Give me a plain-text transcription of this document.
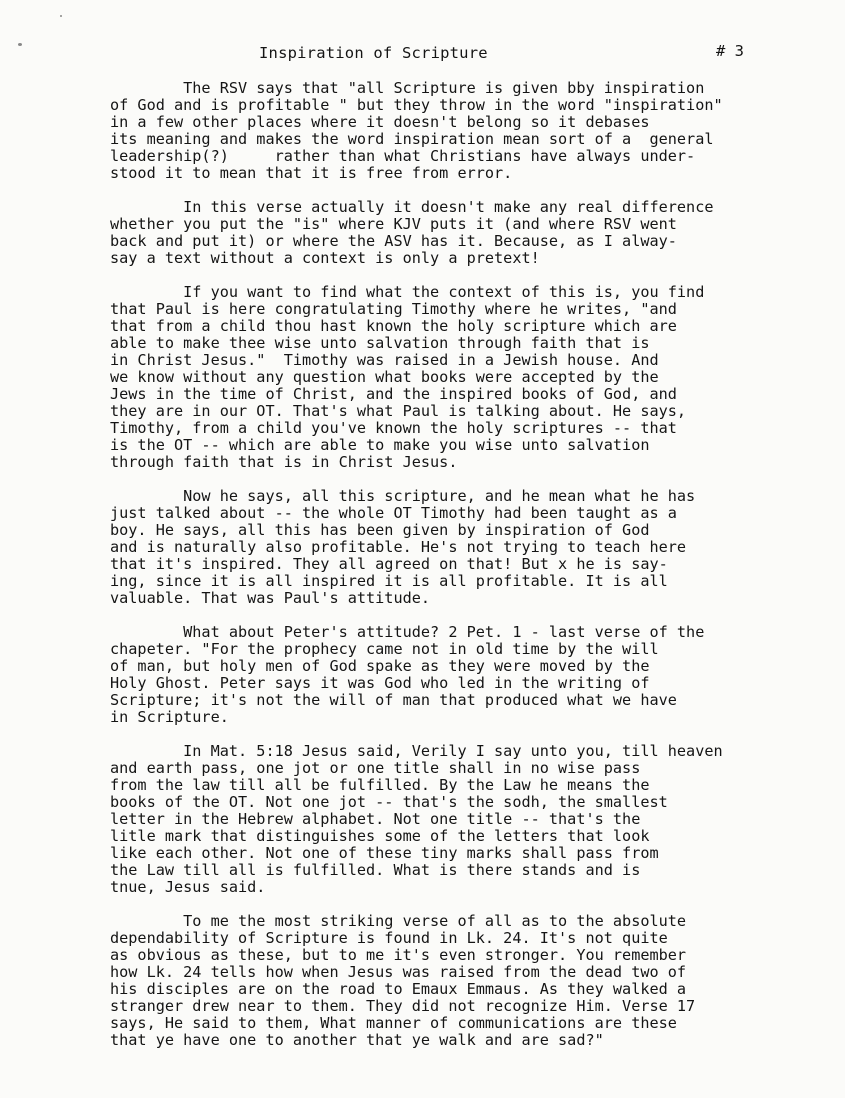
Inspiration of Scripture	# 3
The RSV says that "all Scripture is given bby inspiration
of God and is profitable " but they throw in the word "inspiration"
in a few other places where it doesn't belong so it debases
its meaning and makes the word inspiration mean sort of a  general
leadership(?)     rather than what Christians have always under-
stood it to mean that it is free from error.
In this verse actually it doesn't make any real difference
whether you put the "is" where KJV puts it (and where RSV went
back and put it) or where the ASV has it. Because, as I alway-
say a text without a context is only a pretext!
If you want to find what the context of this is, you find
that Paul is here congratulating Timothy where he writes, "and
that from a child thou hast known the holy scripture which are
able to make thee wise unto salvation through faith that is
in Christ Jesus."  Timothy was raised in a Jewish house. And
we know without any question what books were accepted by the
Jews in the time of Christ, and the inspired books of God, and
they are in our OT. That's what Paul is talking about. He says,
Timothy, from a child you've known the holy scriptures -- that
is the OT -- which are able to make you wise unto salvation
through faith that is in Christ Jesus.
Now he says, all this scripture, and he mean what he has
just talked about -- the whole OT Timothy had been taught as a
boy. He says, all this has been given by inspiration of God
and is naturally also profitable. He's not trying to teach here
that it's inspired. They all agreed on that! But x he is say-
ing, since it is all inspired it is all profitable. It is all
valuable. That was Paul's attitude.
What about Peter's attitude? 2 Pet. 1 - last verse of the
chapeter. "For the prophecy came not in old time by the will
of man, but holy men of God spake as they were moved by the
Holy Ghost. Peter says it was God who led in the writing of
Scripture; it's not the will of man that produced what we have
in Scripture.
In Mat. 5:18 Jesus said, Verily I say unto you, till heaven
and earth pass, one jot or one title shall in no wise pass
from the law till all be fulfilled. By the Law he means the
books of the OT. Not one jot -- that's the sodh, the smallest
letter in the Hebrew alphabet. Not one title -- that's the
litle mark that distinguishes some of the letters that look
like each other. Not one of these tiny marks shall pass from
the Law till all is fulfilled. What is there stands and is
tnue, Jesus said.
To me the most striking verse of all as to the absolute
dependability of Scripture is found in Lk. 24. It's not quite
as obvious as these, but to me it's even stronger. You remember
how Lk. 24 tells how when Jesus was raised from the dead two of
his disciples are on the road to Emaux Emmaus. As they walked a
stranger drew near to them. They did not recognize Him. Verse 17
says, He said to them, What manner of communications are these
that ye have one to another that ye walk and are sad?"
